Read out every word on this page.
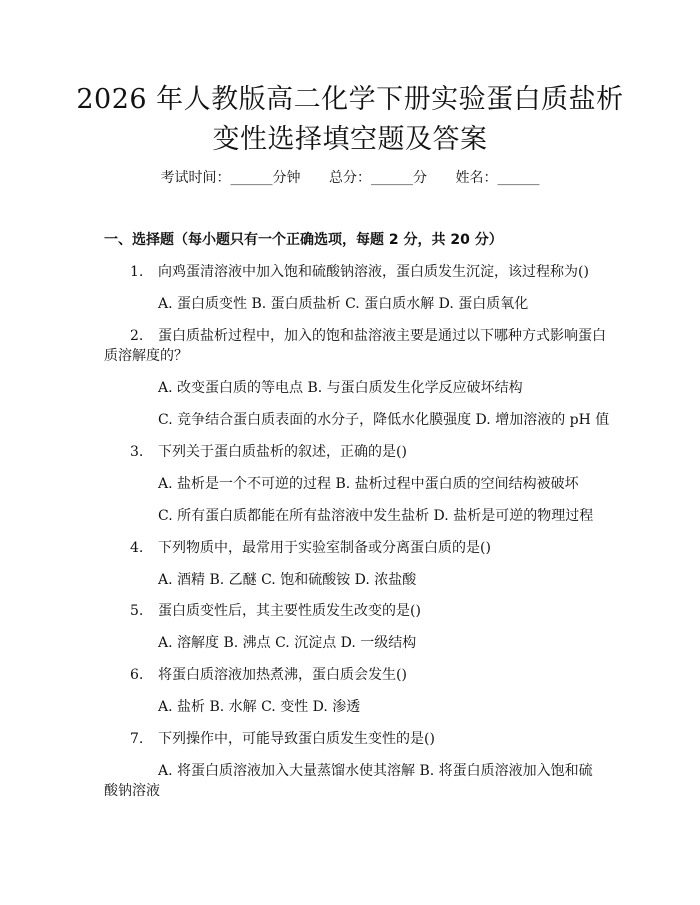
2026 年人教版高二化学下册实验蛋白质盐析
变性选择填空题及答案
考试时间：______分钟 总分：______分 姓名：______
一、选择题（每小题只有一个正确选项，每题 2 分，共 20 分）
1. 向鸡蛋清溶液中加入饱和硫酸钠溶液，蛋白质发生沉淀，该过程称为()
A. 蛋白质变性 B. 蛋白质盐析 C. 蛋白质水解 D. 蛋白质氧化
2. 蛋白质盐析过程中，加入的饱和盐溶液主要是通过以下哪种方式影响蛋白
质溶解度的？
A. 改变蛋白质的等电点 B. 与蛋白质发生化学反应破坏结构
C. 竞争结合蛋白质表面的水分子，降低水化膜强度 D. 增加溶液的 pH 值
3. 下列关于蛋白质盐析的叙述，正确的是()
A. 盐析是一个不可逆的过程 B. 盐析过程中蛋白质的空间结构被破坏
C. 所有蛋白质都能在所有盐溶液中发生盐析 D. 盐析是可逆的物理过程
4. 下列物质中，最常用于实验室制备或分离蛋白质的是()
A. 酒精 B. 乙醚 C. 饱和硫酸铵 D. 浓盐酸
5. 蛋白质变性后，其主要性质发生改变的是()
A. 溶解度 B. 沸点 C. 沉淀点 D. 一级结构
6. 将蛋白质溶液加热煮沸，蛋白质会发生()
A. 盐析 B. 水解 C. 变性 D. 渗透
7. 下列操作中，可能导致蛋白质发生变性的是()
A. 将蛋白质溶液加入大量蒸馏水使其溶解 B. 将蛋白质溶液加入饱和硫
酸钠溶液
